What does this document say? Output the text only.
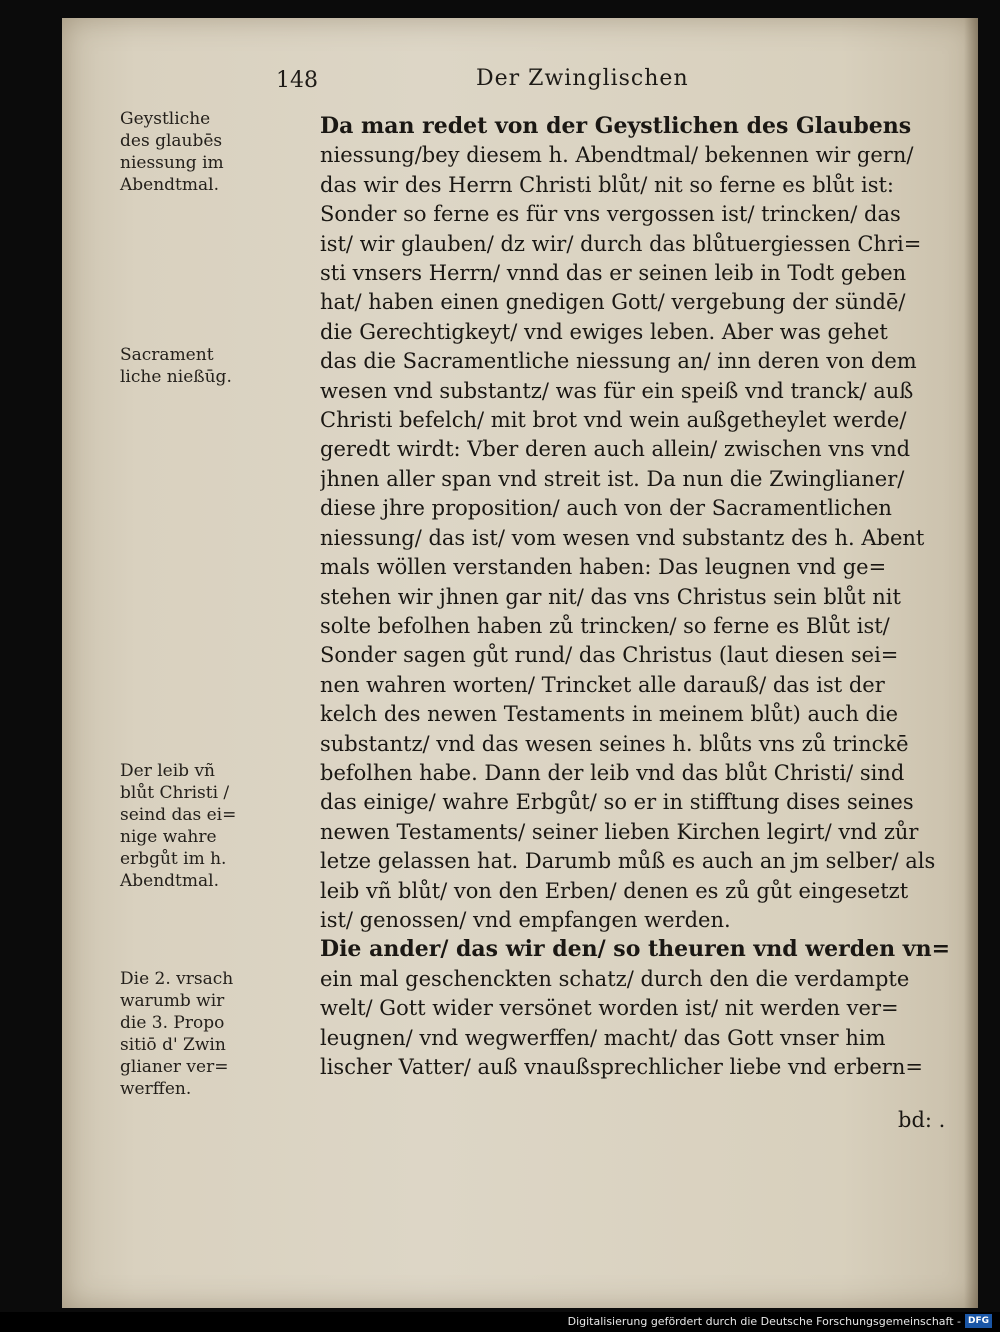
148	Der Zwinglischen

Geystliche

des glaubēs

niessung im

Abendtmal.

Sacrament

liche nießūg.

Der leib vñ

blůt Christi /

seind das ei=

nige wahre

erbgůt im h.

Abendtmal.

Die 2. vrsach

warumb wir

die 3. Propo

sitiō d' Zwin

glianer ver=

werffen.

Da man redet von der Geystlichen des Glaubens

niessung/bey diesem h. Abendtmal/ bekennen wir gern/

das wir des Herrn Christi blůt/ nit so ferne es blůt ist:

Sonder so ferne es für vns vergossen ist/ trincken/ das

ist/ wir glauben/ dz wir/ durch das blůtuergiessen Chri=

sti vnsers Herrn/ vnnd das er seinen leib in Todt geben

hat/ haben einen gnedigen Gott/ vergebung der sündē/

die Gerechtigkeyt/ vnd ewiges leben. Aber was gehet

das die Sacramentliche niessung an/ inn deren von dem

wesen vnd substantz/ was für ein speiß vnd tranck/ auß

Christi befelch/ mit brot vnd wein außgetheylet werde/

geredt wirdt: Vber deren auch allein/ zwischen vns vnd

jhnen aller span vnd streit ist. Da nun die Zwinglianer/

diese jhre proposition/ auch von der Sacramentlichen

niessung/ das ist/ vom wesen vnd substantz des h. Abent

mals wöllen verstanden haben: Das leugnen vnd ge=

stehen wir jhnen gar nit/ das vns Christus sein blůt nit

solte befolhen haben zů trincken/ so ferne es Blůt ist/

Sonder sagen gůt rund/ das Christus (laut diesen sei=

nen wahren worten/ Trincket alle darauß/ das ist der

kelch des newen Testaments in meinem blůt) auch die

substantz/ vnd das wesen seines h. blůts vns zů trinckē

befolhen habe. Dann der leib vnd das blůt Christi/ sind

das einige/ wahre Erbgůt/ so er in stifftung dises seines

newen Testaments/ seiner lieben Kirchen legirt/ vnd zůr

letze gelassen hat. Darumb můß es auch an jm selber/ als

leib vñ blůt/ von den Erben/ denen es zů gůt eingesetzt

ist/ genossen/ vnd empfangen werden.

Die ander/ das wir den/ so theuren vnd werden vn=

ein mal geschenckten schatz/ durch den die verdampte

welt/ Gott wider versönet worden ist/ nit werden ver=

leugnen/ vnd wegwerffen/ macht/ das Gott vnser him

lischer Vatter/ auß vnaußsprechlicher liebe vnd erbern=

bd: .
Digitalisierung gefördert durch die Deutsche Forschungsgemeinschaft - DFG
